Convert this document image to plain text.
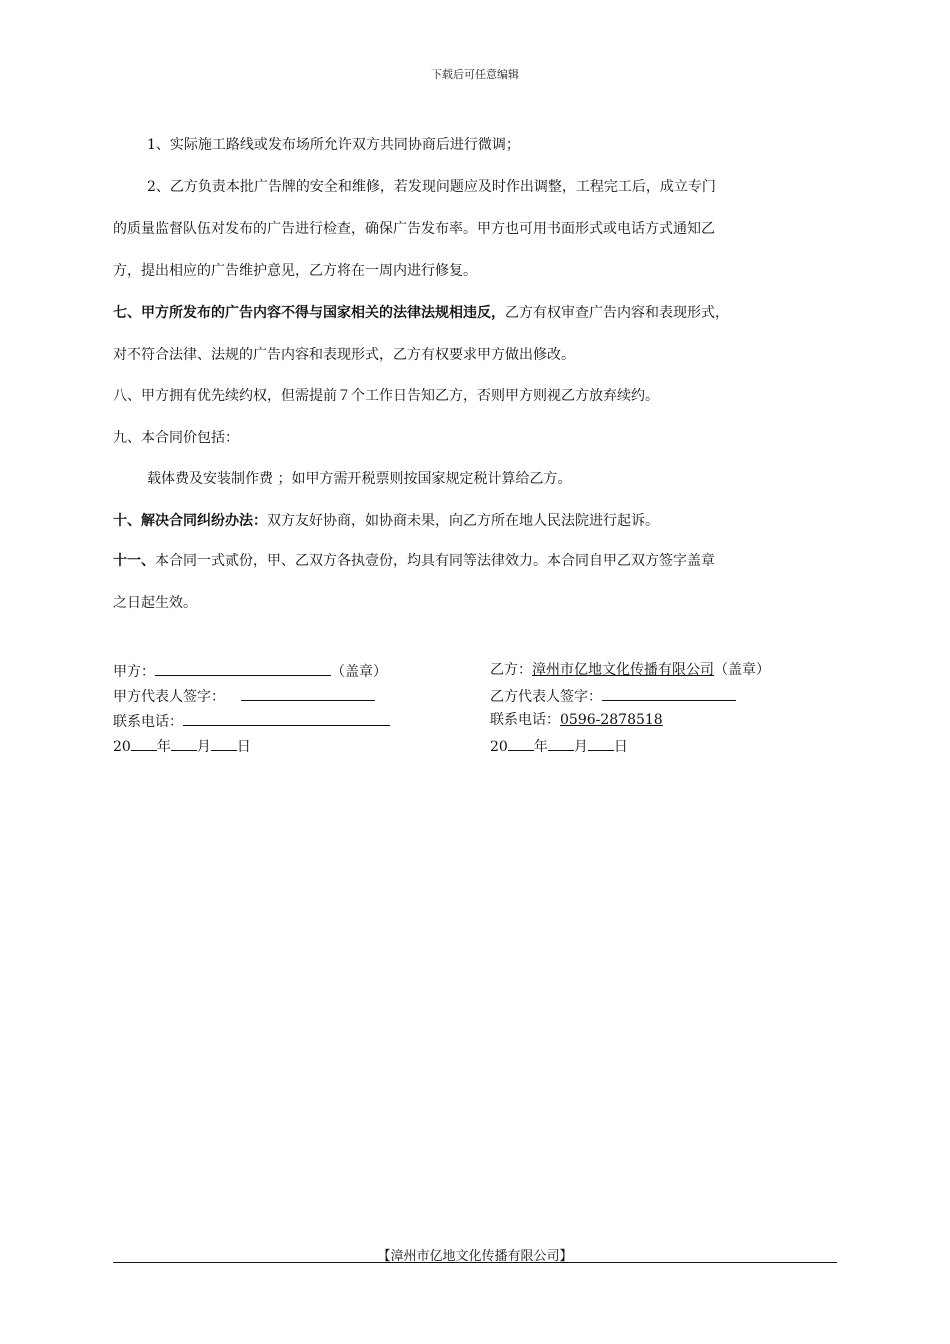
下载后可任意编辑
1、实际施工路线或发布场所允许双方共同协商后进行微调；
2、乙方负责本批广告牌的安全和维修，若发现问题应及时作出调整，工程完工后，成立专门
的质量监督队伍对发布的广告进行检查，确保广告发布率。甲方也可用书面形式或电话方式通知乙
方，提出相应的广告维护意见，乙方将在一周内进行修复。
七、甲方所发布的广告内容不得与国家相关的法律法规相违反，乙方有权审查广告内容和表现形式，
对不符合法律、法规的广告内容和表现形式，乙方有权要求甲方做出修改。
八、甲方拥有优先续约权，但需提前７个工作日告知乙方，否则甲方则视乙方放弃续约。
九、本合同价包括：
载体费及安装制作费 ；如甲方需开税票则按国家规定税计算给乙方。
十、解决合同纠纷办法：双方友好协商，如协商未果，向乙方所在地人民法院进行起诉。
十一、本合同一式贰份，甲、乙双方各执壹份，均具有同等法律效力。本合同自甲乙双方签字盖章
之日起生效。
甲方：	（盖章）
甲方代表人签字：
联系电话：
20 年 月 日
乙方：漳州市亿地文化传播有限公司（盖章）
乙方代表人签字：
联系电话：0596-2878518
20 年 月 日
【漳州市亿地文化传播有限公司】
